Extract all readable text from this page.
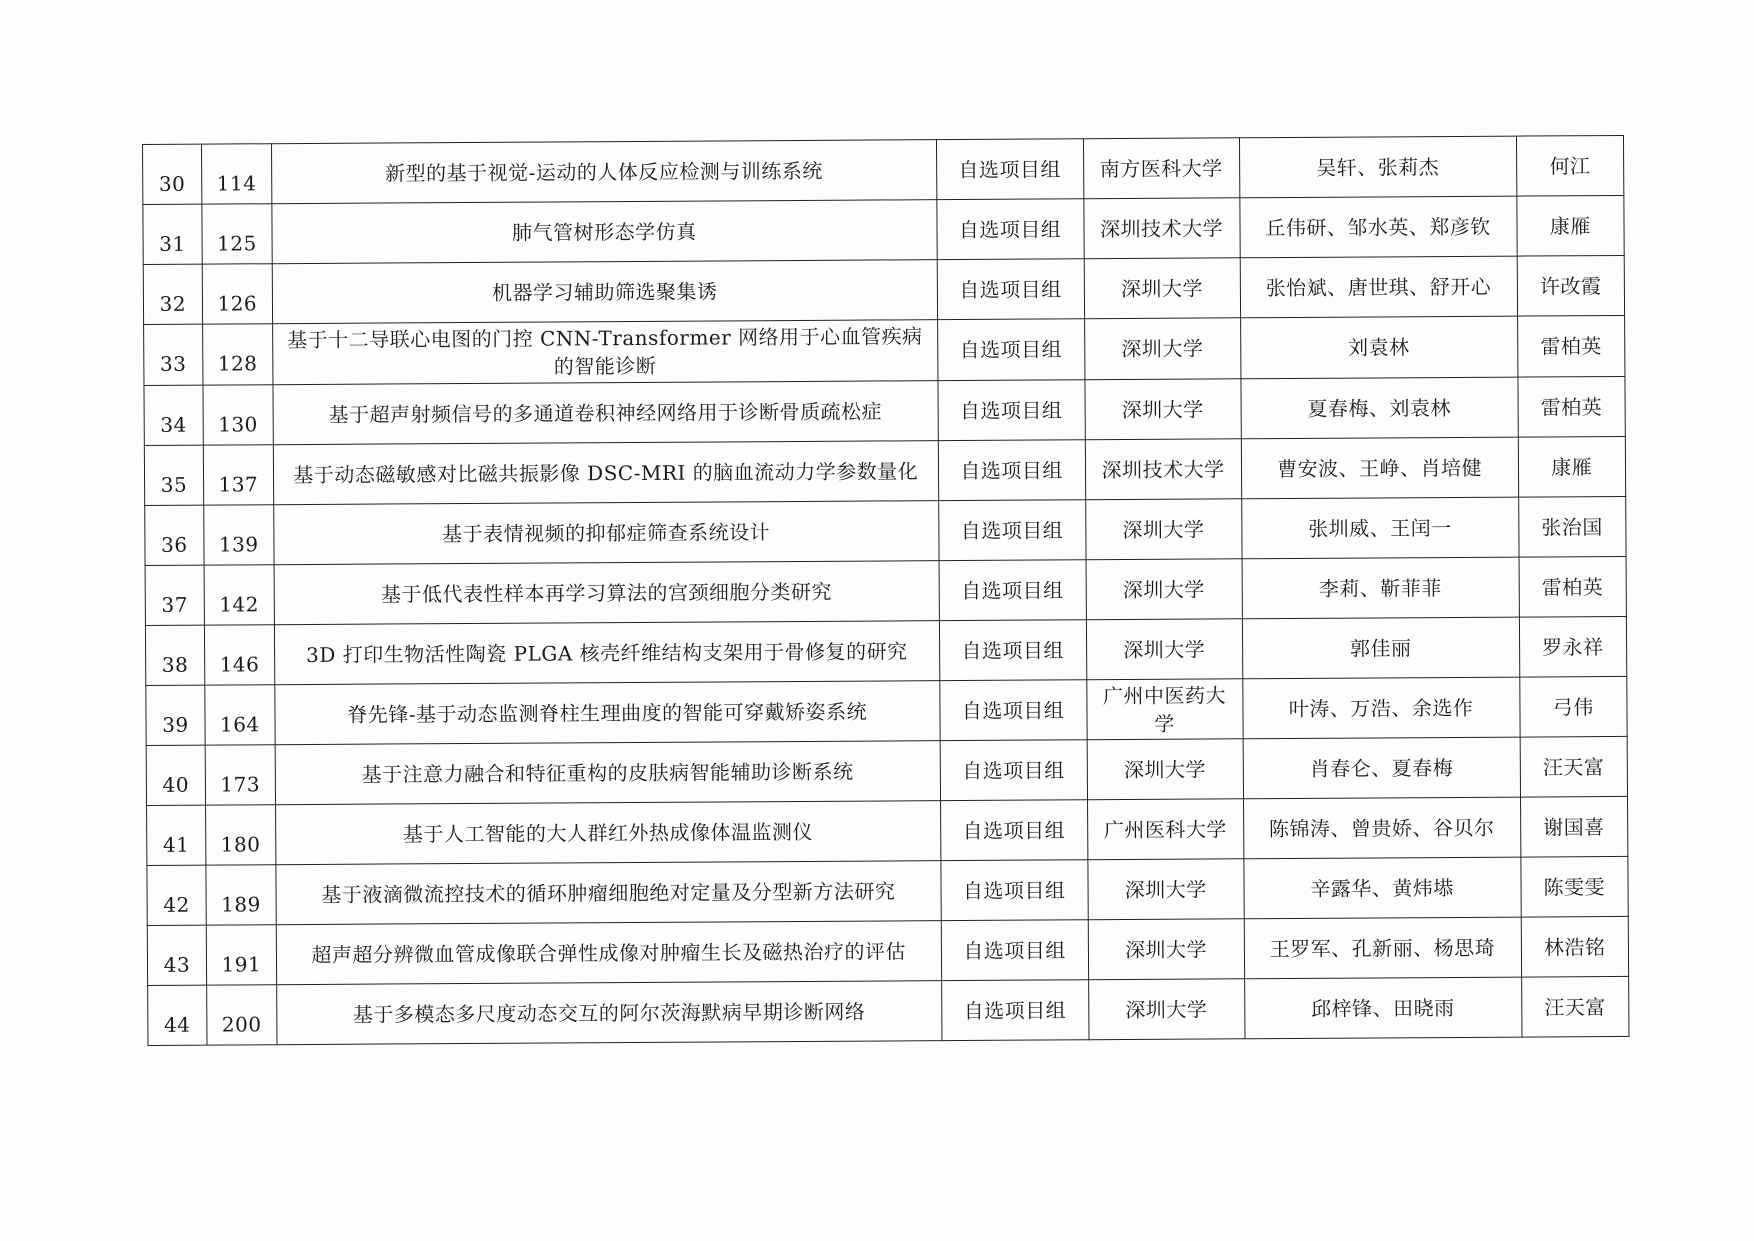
30	114	新型的基于视觉-运动的人体反应检测与训练系统	自选项目组	南方医科大学	吴轩、张莉杰	何江
31	125	肺气管树形态学仿真	自选项目组	深圳技术大学	丘伟研、邹水英、郑彦钦	康雁
32	126	机器学习辅助筛选聚集诱	自选项目组	深圳大学	张怡斌、唐世琪、舒开心	许改霞
33	128	基于十二导联心电图的门控 CNN-Transformer 网络用于心血管疾病的智能诊断	自选项目组	深圳大学	刘袁林	雷柏英
34	130	基于超声射频信号的多通道卷积神经网络用于诊断骨质疏松症	自选项目组	深圳大学	夏春梅、刘袁林	雷柏英
35	137	基于动态磁敏感对比磁共振影像 DSC-MRI 的脑血流动力学参数量化	自选项目组	深圳技术大学	曹安波、王峥、肖培健	康雁
36	139	基于表情视频的抑郁症筛查系统设计	自选项目组	深圳大学	张圳威、王闰一	张治国
37	142	基于低代表性样本再学习算法的宫颈细胞分类研究	自选项目组	深圳大学	李莉、靳菲菲	雷柏英
38	146	3D 打印生物活性陶瓷 PLGA 核壳纤维结构支架用于骨修复的研究	自选项目组	深圳大学	郭佳丽	罗永祥
39	164	脊先锋-基于动态监测脊柱生理曲度的智能可穿戴矫姿系统	自选项目组	广州中医药大学	叶涛、万浩、余选作	弓伟
40	173	基于注意力融合和特征重构的皮肤病智能辅助诊断系统	自选项目组	深圳大学	肖春仑、夏春梅	汪天富
41	180	基于人工智能的大人群红外热成像体温监测仪	自选项目组	广州医科大学	陈锦涛、曾贵娇、谷贝尔	谢国喜
42	189	基于液滴微流控技术的循环肿瘤细胞绝对定量及分型新方法研究	自选项目组	深圳大学	辛露华、黄炜塨	陈雯雯
43	191	超声超分辨微血管成像联合弹性成像对肿瘤生长及磁热治疗的评估	自选项目组	深圳大学	王罗军、孔新丽、杨思琦	林浩铭
44	200	基于多模态多尺度动态交互的阿尔茨海默病早期诊断网络	自选项目组	深圳大学	邱梓锋、田晓雨	汪天富
